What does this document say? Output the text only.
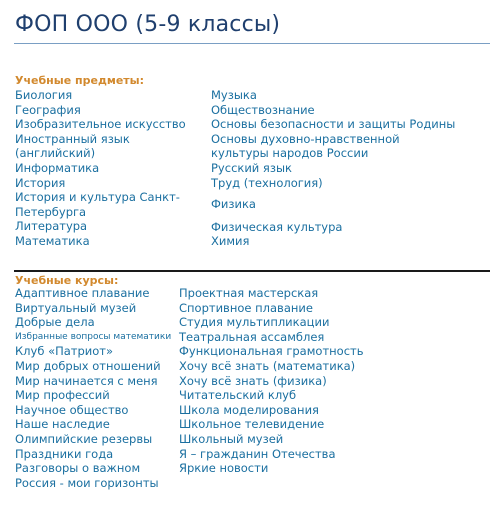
ФОП ООО (5-9 классы)
Учебные предметы:
Биология
География
Изобразительное искусство
Иностранный язык (английский)
Информатика
История
История и культура Санкт-Петербурга
Литература
Математика
Музыка
Обществознание
Основы безопасности и защиты Родины
Основы духовно-нравственной культуры народов России
Русский язык
Труд (технология)
Физика
Физическая культура
Химия
Учебные курсы:
Адаптивное плавание
Виртуальный музей
Добрые дела
Избранные вопросы математики
Клуб «Патриот»
Мир добрых отношений
Мир начинается с меня
Мир профессий
Научное общество
Наше наследие
Олимпийские резервы
Праздники года
Разговоры о важном
Россия - мои горизонты
Проектная мастерская
Спортивное плавание
Студия мультипликации
Театральная ассамблея
Функциональная грамотность
Хочу всё знать (математика)
Хочу всё знать (физика)
Читательский клуб
Школа моделирования
Школьное телевидение
Школьный музей
Я – гражданин Отечества
Яркие новости
